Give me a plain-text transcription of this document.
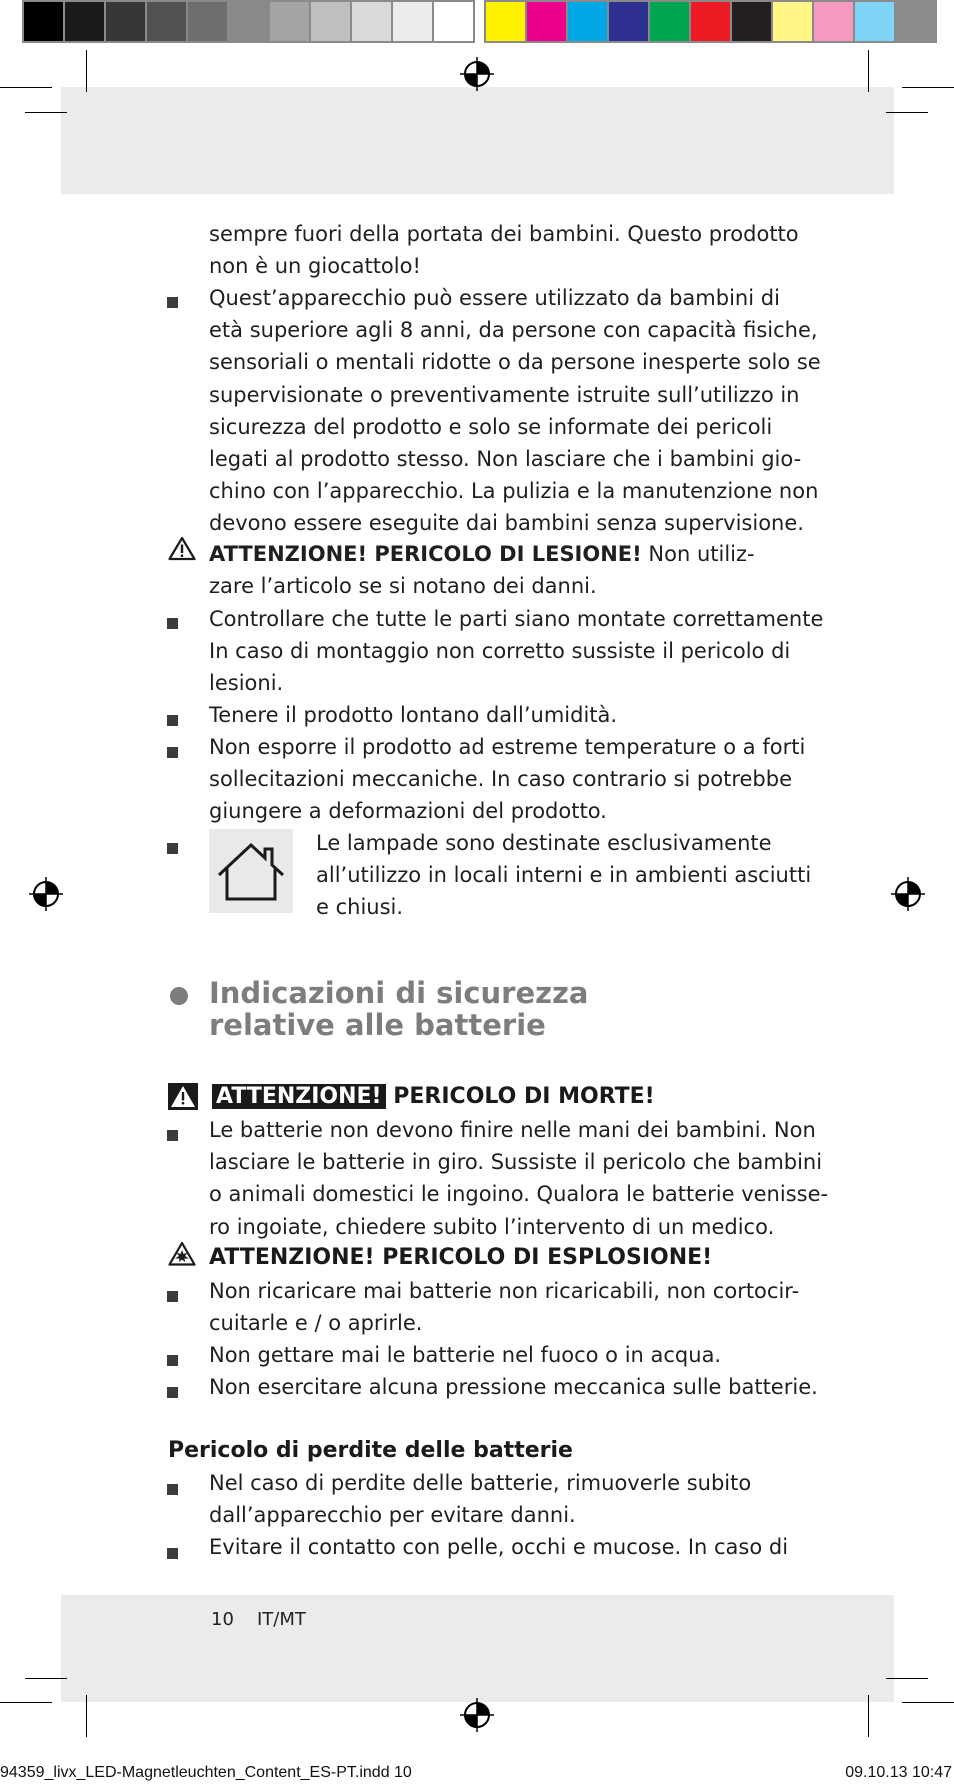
sempre fuori della portata dei bambini. Questo prodotto
non è un giocattolo!
Quest’apparecchio può essere utilizzato da bambini di
età superiore agli 8 anni, da persone con capacità fisiche,
sensoriali o mentali ridotte o da persone inesperte solo se
supervisionate o preventivamente istruite sull’utilizzo in
sicurezza del prodotto e solo se informate dei pericoli
legati al prodotto stesso. Non lasciare che i bambini gio-
chino con l’apparecchio. La pulizia e la manutenzione non
devono essere eseguite dai bambini senza supervisione.
ATTENZIONE! PERICOLO DI LESIONE! Non utiliz-
zare l’articolo se si notano dei danni.
Controllare che tutte le parti siano montate correttamente
In caso di montaggio non corretto sussiste il pericolo di
lesioni.
Tenere il prodotto lontano dall’umidità.
Non esporre il prodotto ad estreme temperature o a forti
sollecitazioni meccaniche. In caso contrario si potrebbe
giungere a deformazioni del prodotto.
Le lampade sono destinate esclusivamente
all’utilizzo in locali interni e in ambienti asciutti
e chiusi.
Indicazioni di sicurezza
relative alle batterie
ATTENZIONE! PERICOLO DI MORTE!
Le batterie non devono finire nelle mani dei bambini. Non
lasciare le batterie in giro. Sussiste il pericolo che bambini
o animali domestici le ingoino. Qualora le batterie venisse-
ro ingoiate, chiedere subito l’intervento di un medico.
ATTENZIONE! PERICOLO DI ESPLOSIONE!
Non ricaricare mai batterie non ricaricabili, non cortocir-
cuitarle e / o aprirle.
Non gettare mai le batterie nel fuoco o in acqua.
Non esercitare alcuna pressione meccanica sulle batterie.
Pericolo di perdite delle batterie
Nel caso di perdite delle batterie, rimuoverle subito
dall’apparecchio per evitare danni.
Evitare il contatto con pelle, occhi e mucose. In caso di
10 IT/MT
94359_livx_LED-Magnetleuchten_Content_ES-PT.indd 10	09.10.13 10:47
